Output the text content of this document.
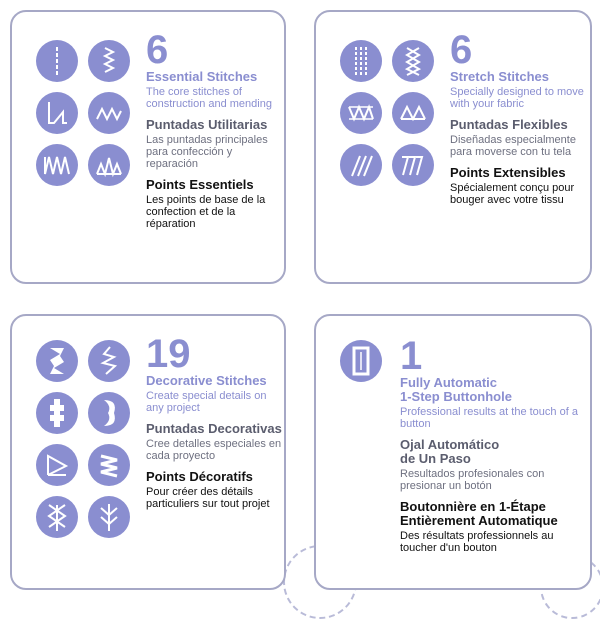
6
Essential Stitches
The core stitches of construction and mending
Puntadas Utilitarias
Las puntadas principales para confección y reparación
Points Essentiels
Les points de base de la confection et de la réparation
6
Stretch Stitches
Specially designed to move with your fabric
Puntadas Flexibles
Diseñadas especialmente para moverse con tu tela
Points Extensibles
Spécialement conçu pour bouger avec votre tissu
19
Decorative Stitches
Create special details on any project
Puntadas Decorativas
Cree detalles especiales en cada proyecto
Points Décoratifs
Pour créer des détails particuliers sur tout projet
1
Fully Automatic
1-Step Buttonhole
Professional results at the touch of a button
Ojal Automático
de Un Paso
Resultados profesionales con presionar un botón
Boutonnière en 1-Étape
Entièrement Automatique
Des résultats professionnels au toucher d'un bouton
